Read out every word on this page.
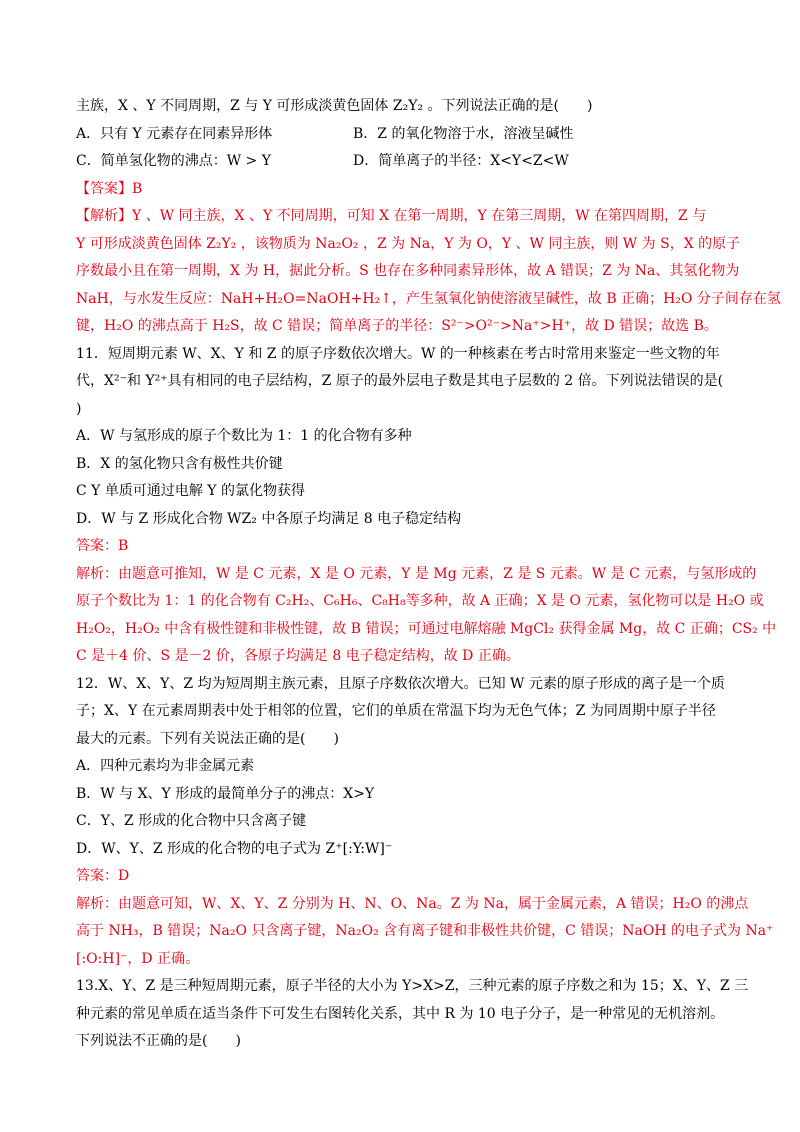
主族，X 、Y 不同周期，Z 与 Y 可形成淡黄色固体 Z₂Y₂ 。下列说法正确的是(　　)
A．只有 Y 元素存在同素异形体	B．Z 的氧化物溶于水，溶液呈碱性
C．简单氢化物的沸点：W > Y	D．简单离子的半径：X<Y<Z<W
【答案】B
【解析】Y 、W 同主族，X 、Y 不同周期，可知 X 在第一周期，Y 在第三周期，W 在第四周期，Z 与
Y 可形成淡黄色固体 Z₂Y₂ ，该物质为 Na₂O₂ ，Z 为 Na，Y 为 O，Y 、W 同主族，则 W 为 S，X 的原子
序数最小且在第一周期，X 为 H，据此分析。S 也存在多种同素异形体，故 A 错误；Z 为 Na、其氢化物为
NaH，与水发生反应：NaH+H₂O=NaOH+H₂↑，产生氢氧化钠使溶液呈碱性，故 B 正确；H₂O 分子间存在氢
键，H₂O 的沸点高于 H₂S，故 C 错误；简单离子的半径：S²⁻>O²⁻>Na⁺>H⁺，故 D 错误；故选 B。
11．短周期元素 W、X、Y 和 Z 的原子序数依次增大。W 的一种核素在考古时常用来鉴定一些文物的年
代，X²⁻和 Y²⁺具有相同的电子层结构，Z 原子的最外层电子数是其电子层数的 2 倍。下列说法错误的是(
)
A．W 与氢形成的原子个数比为 1：1 的化合物有多种
B．X 的氢化物只含有极性共价键
C Y 单质可通过电解 Y 的氯化物获得
D．W 与 Z 形成化合物 WZ₂ 中各原子均满足 8 电子稳定结构
答案：B
解析：由题意可推知，W 是 C 元素，X 是 O 元素，Y 是 Mg 元素，Z 是 S 元素。W 是 C 元素，与氢形成的
原子个数比为 1：1 的化合物有 C₂H₂、C₆H₆、C₈H₈等多种，故 A 正确；X 是 O 元素，氢化物可以是 H₂O 或
H₂O₂，H₂O₂ 中含有极性键和非极性键，故 B 错误；可通过电解熔融 MgCl₂ 获得金属 Mg，故 C 正确；CS₂ 中
C 是＋4 价、S 是－2 价，各原子均满足 8 电子稳定结构，故 D 正确。
12．W、X、Y、Z 均为短周期主族元素，且原子序数依次增大。已知 W 元素的原子形成的离子是一个质
子；X、Y 在元素周期表中处于相邻的位置，它们的单质在常温下均为无色气体；Z 为同周期中原子半径
最大的元素。下列有关说法正确的是(　　)
A．四种元素均为非金属元素
B．W 与 X、Y 形成的最简单分子的沸点：X>Y
C．Y、Z 形成的化合物中只含离子键
D．W、Y、Z 形成的化合物的电子式为 Z⁺[:Y:W]⁻
答案：D
解析：由题意可知，W、X、Y、Z 分别为 H、N、O、Na。Z 为 Na，属于金属元素，A 错误；H₂O 的沸点
高于 NH₃，B 错误；Na₂O 只含离子键，Na₂O₂ 含有离子键和非极性共价键，C 错误；NaOH 的电子式为 Na⁺
[:O:H]⁻，D 正确。
13.X、Y、Z 是三种短周期元素，原子半径的大小为 Y>X>Z，三种元素的原子序数之和为 15；X、Y、Z 三
种元素的常见单质在适当条件下可发生右图转化关系，其中 R 为 10 电子分子，是一种常见的无机溶剂。
下列说法不正确的是(　　)
